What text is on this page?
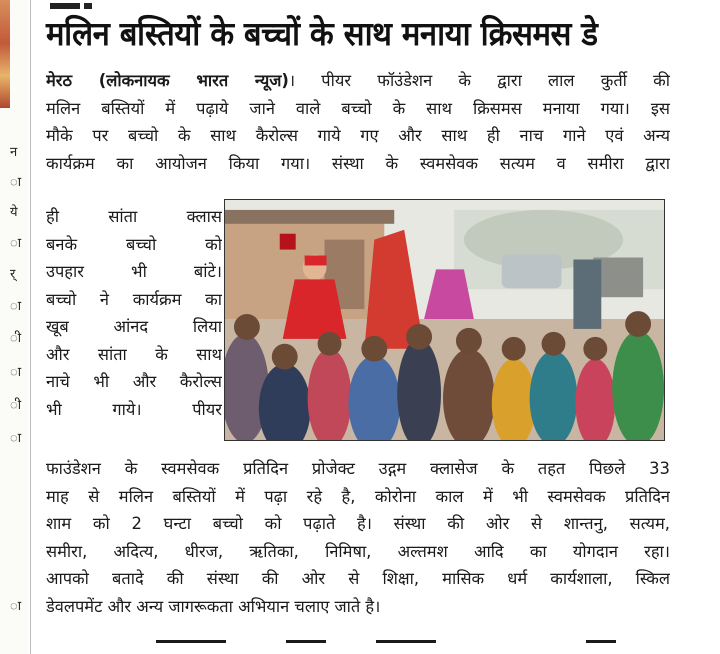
न
ा
ये
ा
र्
ा
ी
ा
ी
ा
ा
मलिन बस्तियों के बच्चों के साथ मनाया क्रिसमस डे
मेरठ (लोकनायक भारत न्यूज)। पीयर फॉउंडेशन के द्वारा लाल कुर्ती की
मलिन बस्तियों में पढ़ाये जाने वाले बच्चो के साथ क्रिसमस मनाया गया। इस
मौके पर बच्चो के साथ कैरोल्स गाये गए और साथ ही नाच गाने एवं अन्य
कार्यक्रम का आयोजन किया गया। संस्था के स्वमसेवक सत्यम व समीरा द्वारा
ही सांता क्लास
बनके बच्चो को
उपहार भी बांटे।
बच्चो ने कार्यक्रम का
खूब आंनद लिया
और सांता के साथ
नाचे भी और कैरोल्स
भी गाये। पीयर
फाउंडेशन के स्वमसेवक प्रतिदिन प्रोजेक्ट उद्गम क्लासेज के तहत पिछले 33
माह से मलिन बस्तियों में पढ़ा रहे है, कोरोना काल में भी स्वमसेवक प्रतिदिन
शाम को 2 घन्टा बच्चो को पढ़ाते है। संस्था की ओर से शान्तनु, सत्यम,
समीरा, अदित्य, धीरज, ऋतिका, निमिषा, अल्तमश आदि का योगदान रहा।
आपको बतादे की संस्था की ओर से शिक्षा, मासिक धर्म कार्यशाला, स्किल
डेवलपमेंट और अन्य जागरूकता अभियान चलाए जाते है।
